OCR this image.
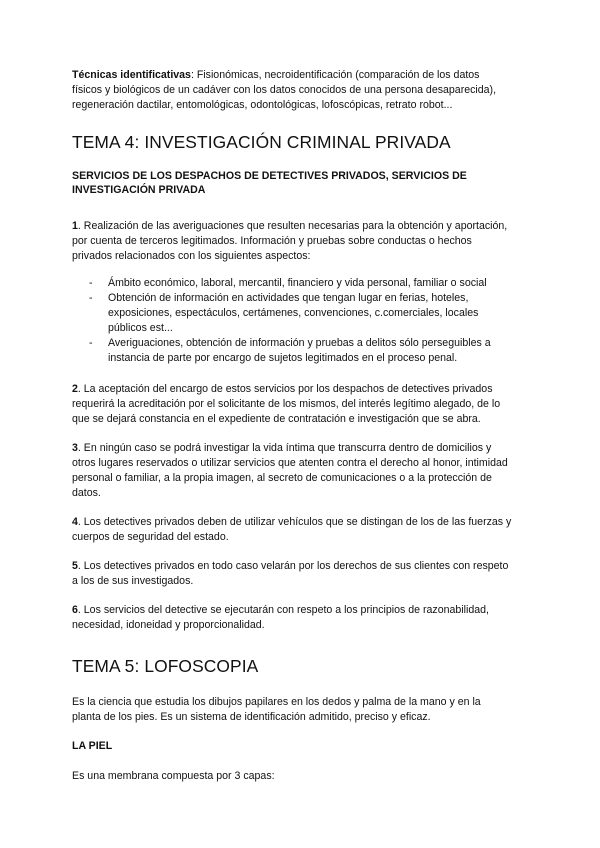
Técnicas identificativas: Fisionómicas, necroidentificación (comparación de los datos físicos y biológicos de un cadáver con los datos conocidos de una persona desaparecida), regeneración dactilar, entomológicas, odontológicas, lofoscópicas, retrato robot...

TEMA 4: INVESTIGACIÓN CRIMINAL PRIVADA
SERVICIOS DE LOS DESPACHOS DE DETECTIVES PRIVADOS, SERVICIOS DE INVESTIGACIÓN PRIVADA

1. Realización de las averiguaciones que resulten necesarias para la obtención y aportación, por cuenta de terceros legitimados. Información y pruebas sobre conductas o hechos privados relacionados con los siguientes aspectos:

- Ámbito económico, laboral, mercantil, financiero y vida personal, familiar o social
- Obtención de información en actividades que tengan lugar en ferias, hoteles, exposiciones, espectáculos, certámenes, convenciones, c.comerciales, locales públicos est...
- Averiguaciones, obtención de información y pruebas a delitos sólo perseguibles a instancia de parte por encargo de sujetos legitimados en el proceso penal.

2. La aceptación del encargo de estos servicios por los despachos de detectives privados requerirá la acreditación por el solicitante de los mismos, del interés legítimo alegado, de lo que se dejará constancia en el expediente de contratación e investigación que se abra.

3. En ningún caso se podrá investigar la vida íntima que transcurra dentro de domicilios y otros lugares reservados o utilizar servicios que atenten contra el derecho al honor, intimidad personal o familiar, a la propia imagen, al secreto de comunicaciones o a la protección de datos.

4. Los detectives privados deben de utilizar vehículos que se distingan de los de las fuerzas y cuerpos de seguridad del estado.

5. Los detectives privados en todo caso velarán por los derechos de sus clientes con respeto a los de sus investigados.

6. Los servicios del detective se ejecutarán con respeto a los principios de razonabilidad, necesidad, idoneidad y proporcionalidad.

TEMA 5: LOFOSCOPIA

Es la ciencia que estudia los dibujos papilares en los dedos y palma de la mano y en la planta de los pies. Es un sistema de identificación admitido, preciso y eficaz.

LA PIEL

Es una membrana compuesta por 3 capas:
